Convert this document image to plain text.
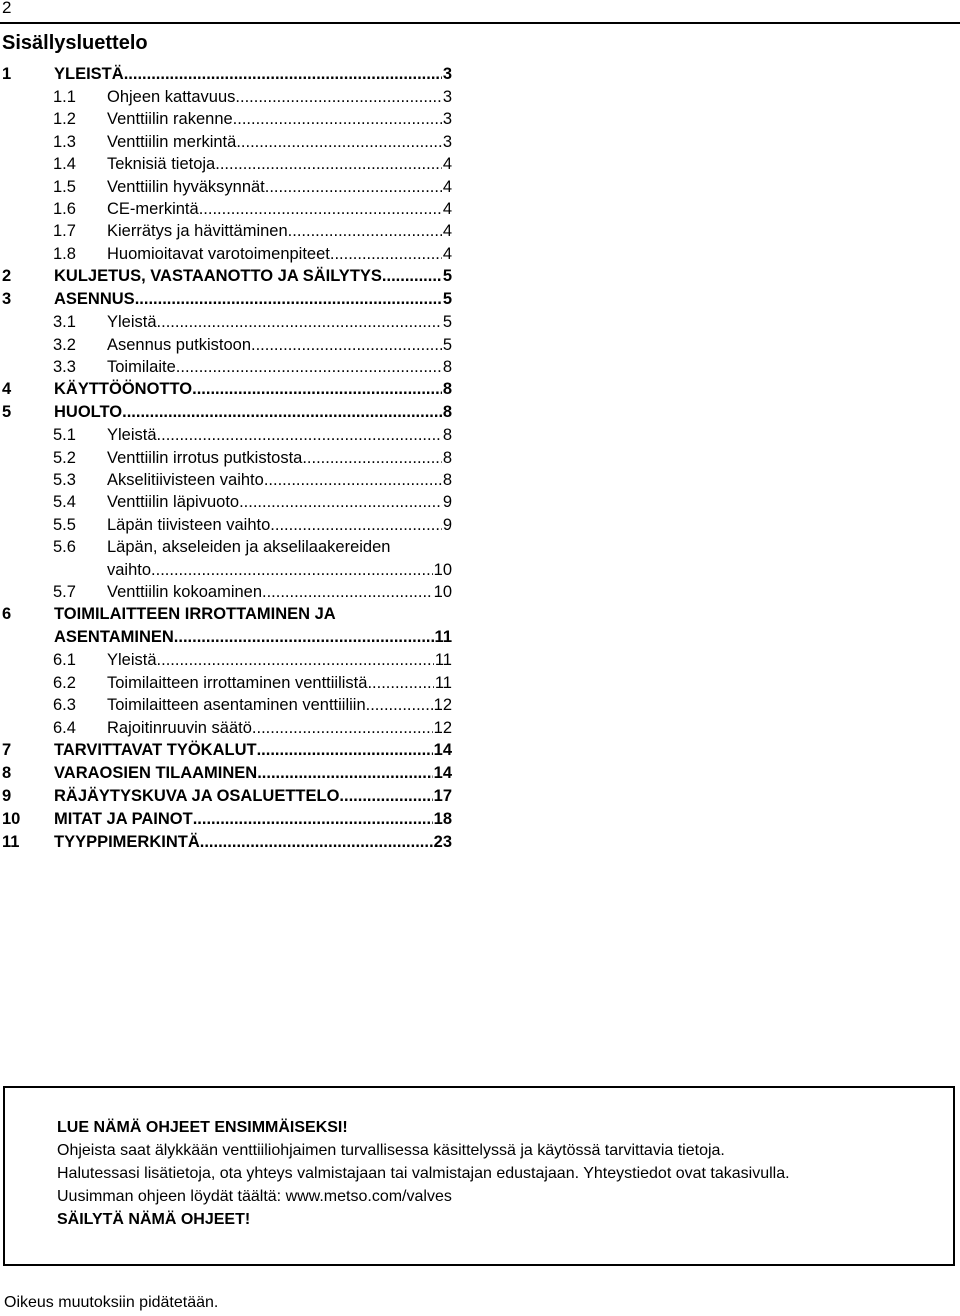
2
Sisällysluettelo
1	YLEISTÄ .....	3
1.1 Ohjeen kattavuus .....	3
1.2 Venttiilin rakenne .....	3
1.3 Venttiilin merkintä .....	3
1.4 Teknisiä tietoja .....	4
1.5 Venttiilin hyväksynnät .....	4
1.6 CE-merkintä .....	4
1.7 Kierrätys ja hävittäminen .....	4
1.8 Huomioitavat varotoimenpiteet .....	4
2	KULJETUS, VASTAANOTTO JA SÄILYTYS .....	5
3	ASENNUS .....	5
3.1 Yleistä .....	5
3.2 Asennus putkistoon .....	5
3.3 Toimilaite .....	8
4	KÄYTTÖÖNOTTO .....	8
5	HUOLTO .....	8
5.1 Yleistä .....	8
5.2 Venttiilin irrotus putkistosta .....	8
5.3 Akselitiivisteen vaihto .....	8
5.4 Venttiilin läpivuoto .....	9
5.5 Läpän tiivisteen vaihto .....	9
5.6 Läpän, akseleiden ja akselilaakereiden
vaihto .....	10
5.7 Venttiilin kokoaminen .....	10
6	TOIMILAITTEEN IRROTTAMINEN JA
ASENTAMINEN .....	11
6.1 Yleistä .....	11
6.2 Toimilaitteen irrottaminen venttiilistä .....	11
6.3 Toimilaitteen asentaminen venttiiliin .....	12
6.4 Rajoitinruuvin säätö .....	12
7	TARVITTAVAT TYÖKALUT .....	14
8	VARAOSIEN TILAAMINEN .....	14
9	RÄJÄYTYSKUVA JA OSALUETTELO .....	17
10 MITAT JA PAINOT .....	18
11 TYYPPIMERKINTÄ .....	23
LUE NÄMÄ OHJEET ENSIMMÄISEKSI!
Ohjeista saat älykkään venttiiliohjaimen turvallisessa käsittelyssä ja käytössä tarvittavia tietoja.
Halutessasi lisätietoja, ota yhteys valmistajaan tai valmistajan edustajaan. Yhteystiedot ovat takasivulla.
Uusimman ohjeen löydät täältä: www.metso.com/valves
SÄILYTÄ NÄMÄ OHJEET!
Oikeus muutoksiin pidätetään.
